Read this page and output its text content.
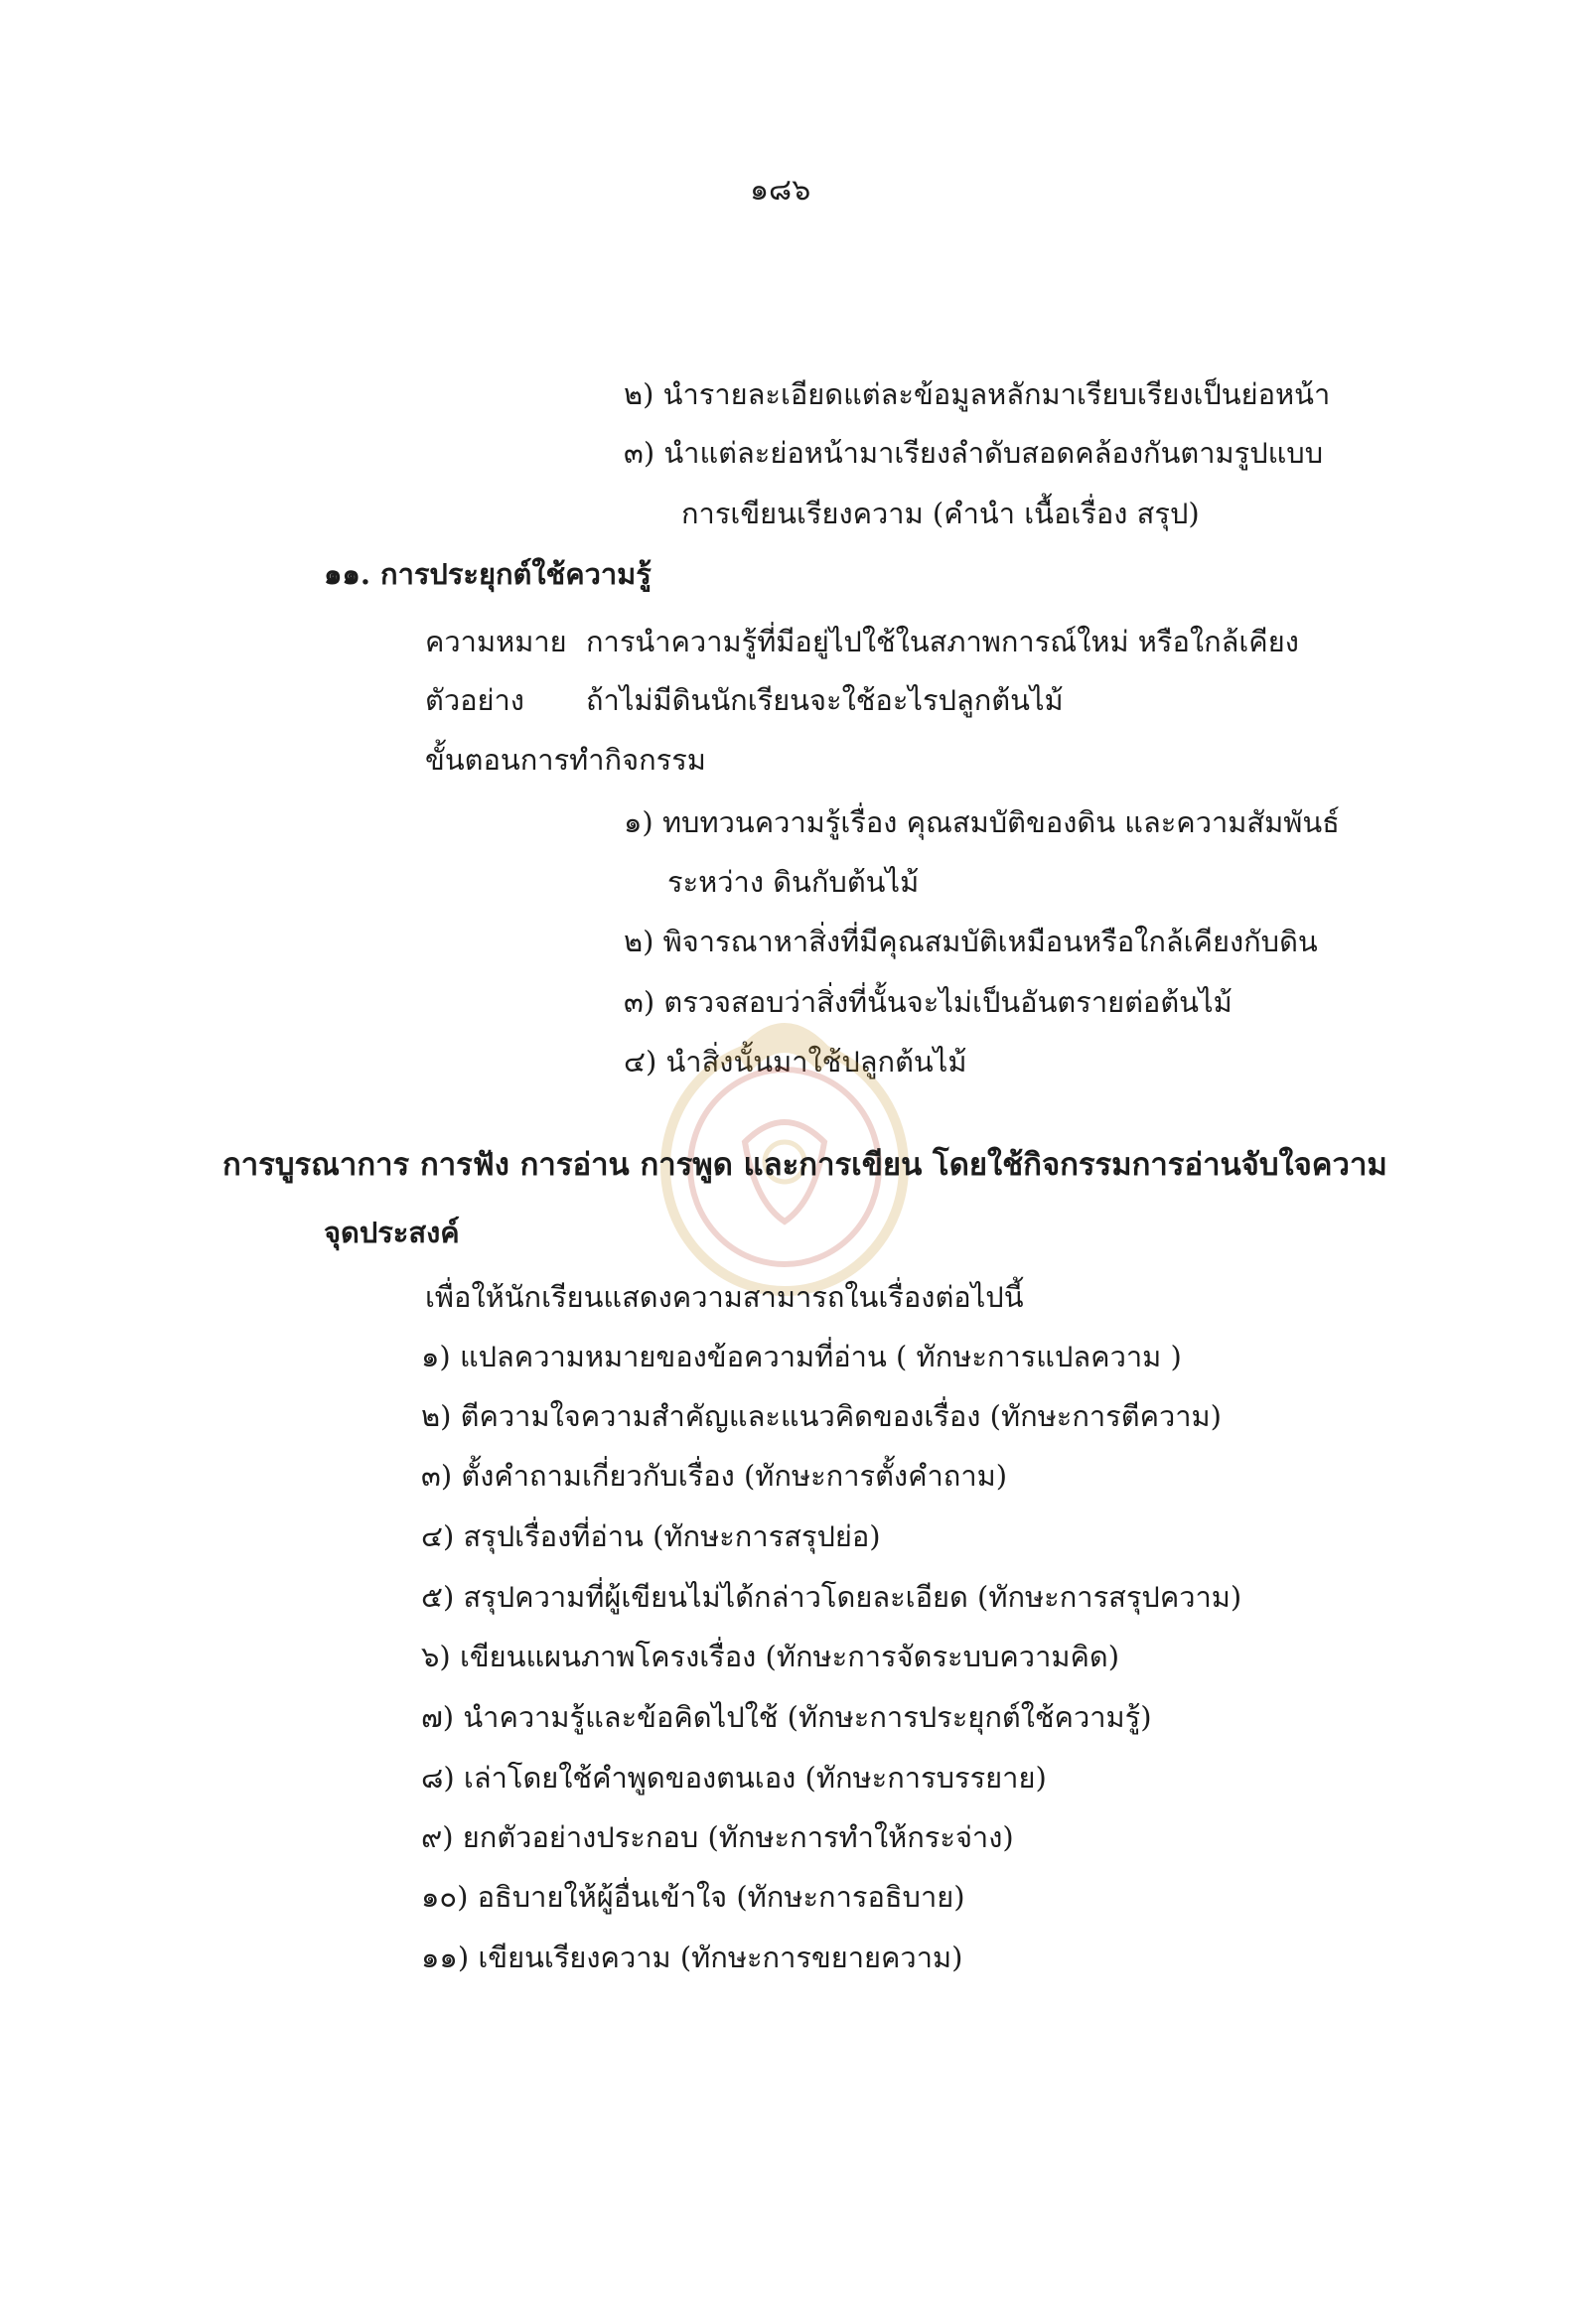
๑๘๖
๒) นำรายละเอียดแต่ละข้อมูลหลักมาเรียบเรียงเป็นย่อหน้า
๓) นำแต่ละย่อหน้ามาเรียงลำดับสอดคล้องกันตามรูปแบบ
การเขียนเรียงความ (คำนำ เนื้อเรื่อง สรุป)
๑๑. การประยุกต์ใช้ความรู้
ความหมาย การนำความรู้ที่มีอยู่ไปใช้ในสภาพการณ์ใหม่ หรือใกล้เคียง
ตัวอย่าง ถ้าไม่มีดินนักเรียนจะใช้อะไรปลูกต้นไม้
ขั้นตอนการทำกิจกรรม
๑) ทบทวนความรู้เรื่อง คุณสมบัติของดิน และความสัมพันธ์
ระหว่าง ดินกับต้นไม้
๒) พิจารณาหาสิ่งที่มีคุณสมบัติเหมือนหรือใกล้เคียงกับดิน
๓) ตรวจสอบว่าสิ่งที่นั้นจะไม่เป็นอันตรายต่อต้นไม้
๔) นำสิ่งนั้นมาใช้ปลูกต้นไม้
การบูรณาการ การฟัง การอ่าน การพูด และการเขียน โดยใช้กิจกรรมการอ่านจับใจความ
จุดประสงค์
เพื่อให้นักเรียนแสดงความสามารถในเรื่องต่อไปนี้
๑) แปลความหมายของข้อความที่อ่าน ( ทักษะการแปลความ )
๒) ตีความใจความสำคัญและแนวคิดของเรื่อง (ทักษะการตีความ)
๓) ตั้งคำถามเกี่ยวกับเรื่อง (ทักษะการตั้งคำถาม)
๔) สรุปเรื่องที่อ่าน (ทักษะการสรุปย่อ)
๕) สรุปความที่ผู้เขียนไม่ได้กล่าวโดยละเอียด (ทักษะการสรุปความ)
๖) เขียนแผนภาพโครงเรื่อง (ทักษะการจัดระบบความคิด)
๗) นำความรู้และข้อคิดไปใช้ (ทักษะการประยุกต์ใช้ความรู้)
๘) เล่าโดยใช้คำพูดของตนเอง (ทักษะการบรรยาย)
๙) ยกตัวอย่างประกอบ (ทักษะการทำให้กระจ่าง)
๑๐) อธิบายให้ผู้อื่นเข้าใจ (ทักษะการอธิบาย)
๑๑) เขียนเรียงความ (ทักษะการขยายความ)
